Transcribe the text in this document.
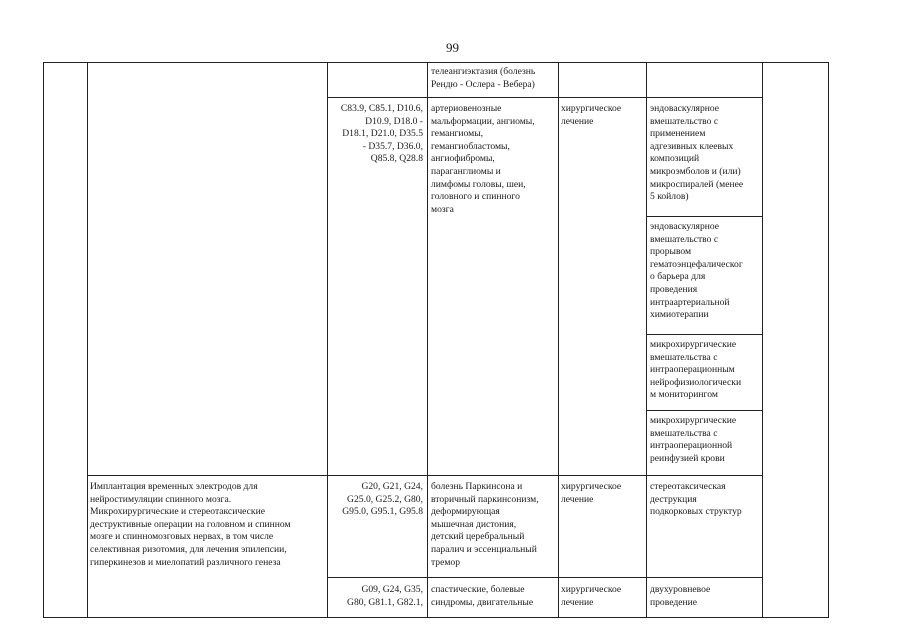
99
телеангиэктазия (болезнь
Рендю - Ослера - Вебера)
C83.9, C85.1, D10.6,
D10.9, D18.0 -
D18.1, D21.0, D35.5
- D35.7, D36.0,
Q85.8, Q28.8
артериовенозные
мальформации, ангиомы,
гемангиомы,
гемангиобластомы,
ангиофибромы,
параганглиомы и
лимфомы головы, шеи,
головного и спинного
мозга
хирургическое
лечение
эндоваскулярное
вмешательство с
применением
адгезивных клеевых
композиций
микроэмболов и (или)
микроспиралей (менее
5 койлов)
эндоваскулярное
вмешательство с
прорывом
гематоэнцефалическог
о барьера для
проведения
интраартериальной
химиотерапии
микрохирургические
вмешательства с
интраоперационным
нейрофизиологически
м мониторингом
микрохирургические
вмешательства с
интраоперационной
реинфузией крови
Имплантация временных электродов для
нейростимуляции спинного мозга.
Микрохирургические и стереотаксические
деструктивные операции на головном и спинном
мозге и спинномозговых нервах, в том числе
селективная ризотомия, для лечения эпилепсии,
гиперкинезов и миелопатий различного генеза
G20, G21, G24,
G25.0, G25.2, G80,
G95.0, G95.1, G95.8
болезнь Паркинсона и
вторичный паркинсонизм,
деформирующая
мышечная дистония,
детский церебральный
паралич и эссенциальный
тремор
хирургическое
лечение
стереотаксическая
деструкция
подкорковых структур
G09, G24, G35,
G80, G81.1, G82.1,
спастические, болевые
синдромы, двигательные
хирургическое
лечение
двухуровневое
проведение
